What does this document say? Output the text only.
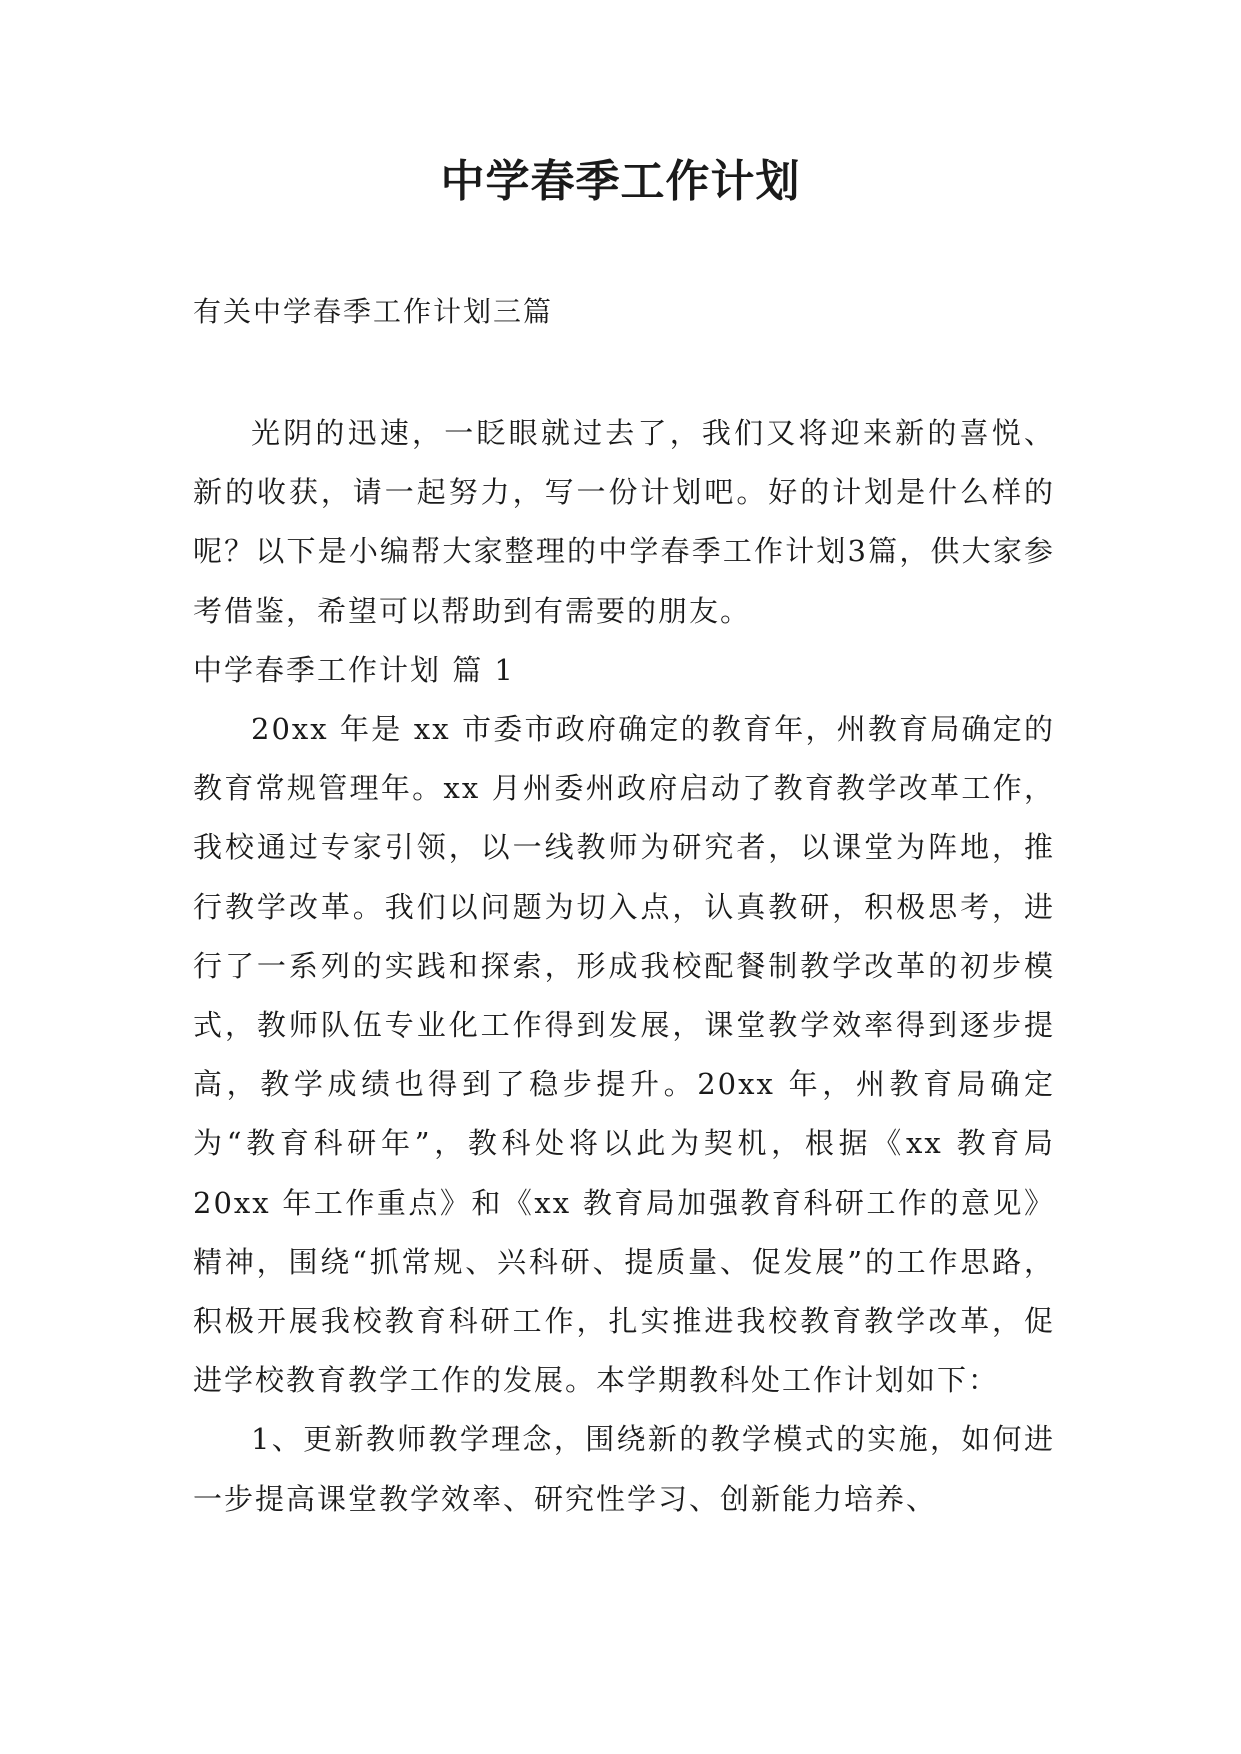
中学春季工作计划

有关中学春季工作计划三篇

光阴的迅速，一眨眼就过去了，我们又将迎来新的喜悦、新的收获，请一起努力，写一份计划吧。好的计划是什么样的呢？以下是小编帮大家整理的中学春季工作计划3篇，供大家参考借鉴，希望可以帮助到有需要的朋友。

中学春季工作计划 篇 1

20xx 年是 xx 市委市政府确定的教育年，州教育局确定的教育常规管理年。xx 月州委州政府启动了教育教学改革工作，我校通过专家引领，以一线教师为研究者，以课堂为阵地，推行教学改革。我们以问题为切入点，认真教研，积极思考，进行了一系列的实践和探索，形成我校配餐制教学改革的初步模式，教师队伍专业化工作得到发展，课堂教学效率得到逐步提高，教学成绩也得到了稳步提升。20xx 年，州教育局确定为“教育科研年”，教科处将以此为契机，根据《xx 教育局 20xx 年工作重点》和《xx 教育局加强教育科研工作的意见》精神，围绕“抓常规、兴科研、提质量、促发展”的工作思路，积极开展我校教育科研工作，扎实推进我校教育教学改革，促进学校教育教学工作的发展。本学期教科处工作计划如下：

1、更新教师教学理念，围绕新的教学模式的实施，如何进一步提高课堂教学效率、研究性学习、创新能力培养、
